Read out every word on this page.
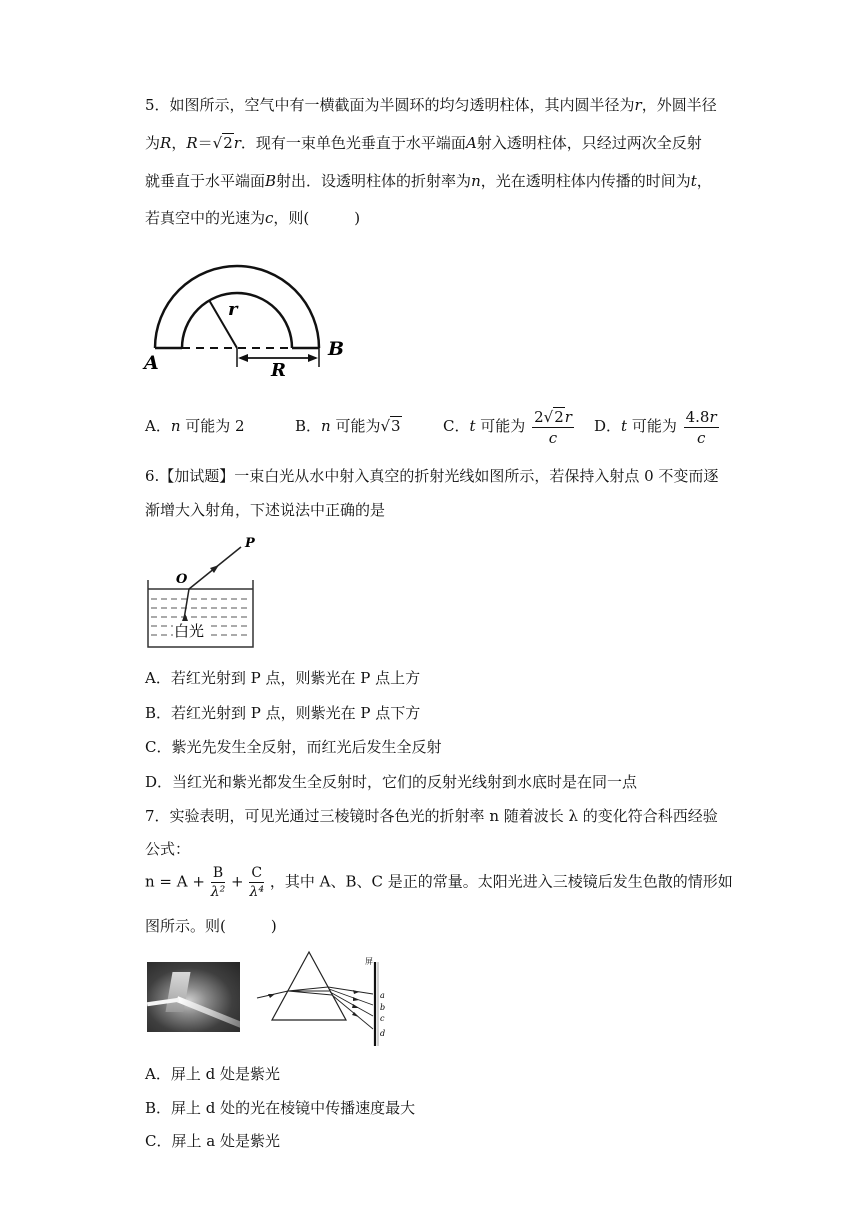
5．如图所示，空气中有一横截面为半圆环的均匀透明柱体，其内圆半径为r，外圆半径
为R，R＝√2r．现有一束单色光垂直于水平端面A射入透明柱体，只经过两次全反射
就垂直于水平端面B射出．设透明柱体的折射率为n，光在透明柱体内传播的时间为t，
若真空中的光速为c，则(　　　)
r
A
B
R
A．n 可能为 2	B．n 可能为√3	C．t 可能为 $\frac{2√2r}{c}$ D．t 可能为 $\frac{4.8r}{c}$
6.【加试题】一束白光从水中射入真空的折射光线如图所示，若保持入射点 0 不变而逐
渐增大入射角，下述说法中正确的是
O
P
白光
A．若红光射到 P 点，则紫光在 P 点上方
B．若红光射到 P 点，则紫光在 P 点下方
C．紫光先发生全反射，而红光后发生全反射
D．当红光和紫光都发生全反射时，它们的反射光线射到水底时是在同一点
7．实验表明，可见光通过三棱镜时各色光的折射率 n 随着波长 λ 的变化符合科西经验
公式：
$n = A + \frac{B}{\text{λ²}} + \frac{C}{\text{λ⁴}}$ ，其中 A、B、C 是正的常量。太阳光进入三棱镜后发生色散的情形如
图所示。则(　　　)
屏
a
b
c
d
A．屏上 d 处是紫光
B．屏上 d 处的光在棱镜中传播速度最大
C．屏上 a 处是紫光
